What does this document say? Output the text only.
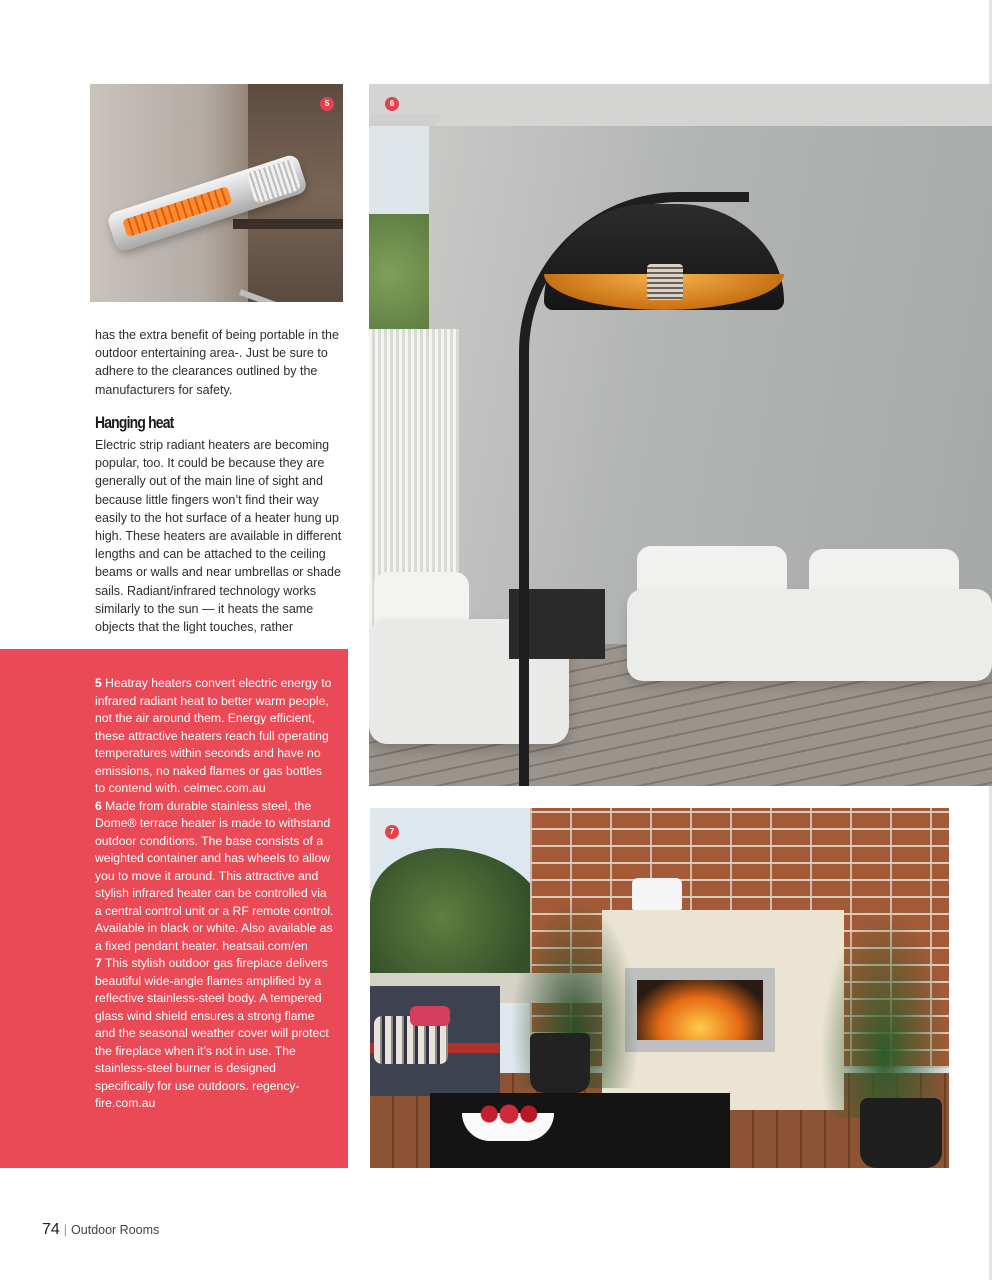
5	6
7

has the extra benefit of being portable in the outdoor entertaining area-. Just be sure to adhere to the clearances outlined by the manufacturers for safety.

Hanging heat

Electric strip radiant heaters are becoming popular, too. It could be because they are generally out of the main line of sight and because little fingers won’t find their way easily to the hot surface of a heater hung up high. These heaters are available in different lengths and can be attached to the ceiling beams or walls and near umbrellas or shade sails. Radiant/infrared technology works similarly to the sun — it heats the same objects that the light touches, rather

5 Heatray heaters convert electric energy to infrared radiant heat to better warm people, not the air around them. Energy efficient, these attractive heaters reach full operating temperatures within seconds and have no emissions, no naked flames or gas bottles to contend with. celmec.com.au

6 Made from durable stainless steel, the Dome® terrace heater is made to withstand outdoor conditions. The base consists of a weighted container and has wheels to allow you to move it around. This attractive and stylish infrared heater can be controlled via a central control unit or a RF remote control. Available in black or white. Also available as a fixed pendant heater. heatsail.com/en

7 This stylish outdoor gas fireplace delivers beautiful wide-angle flames amplified by a reflective stainless-steel body. A tempered glass wind shield ensures a strong flame and the seasonal weather cover will protect the fireplace when it’s not in use. The stainless-steel burner is designed specifically for use outdoors. regency-fire.com.au

74 | Outdoor Rooms
